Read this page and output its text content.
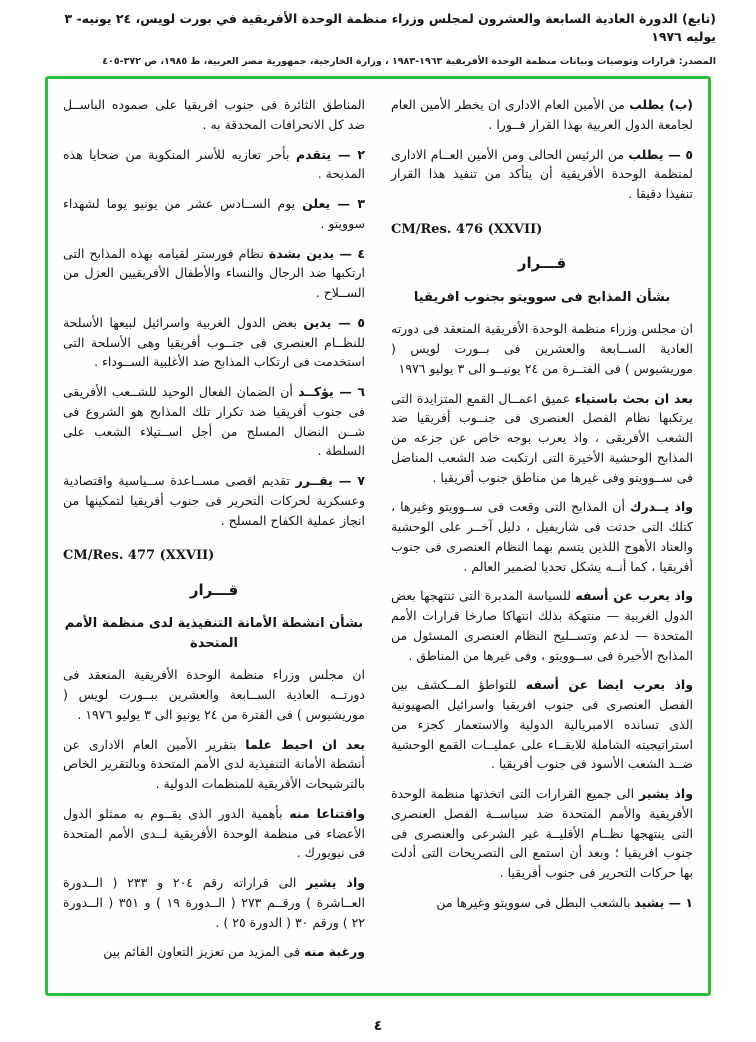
(تابع) الدورة العادية السابعة والعشرون لمجلس وزراء منظمة الوحدة الأفريقية في بورت لويس، ٢٤ يونيه- ٣ يوليه ١٩٧٦
المصدر: قرارات وتوصيات وبيانات منظمة الوحدة الأفريقية ١٩٦٣-١٩٨٣ ، وزارة الخارجية، جمهورية مصر العربية، ط ١٩٨٥، ص ٣٧٢-٤٠٥

(ب) يطلب من الأمين العام الادارى ان يخطر الأمين العام لجامعة الدول العربية بهذا القرار فــورا .

٥ — يطلب من الرئيس الحالى ومن الأمين العــام الادارى لمنظمة الوحدة الأفريقية أن يتأكد من تنفيذ هذا القرار تنفيذا دقيقا .

CM/Res. 476 (XXVII)

قـــرار
بشأن المذابح فى سوويتو بجنوب افريقيا

ان مجلس وزراء منظمة الوحدة الأفريقية المنعقد فى دورته العادية الســابعة والعشرين فى بــورت لويس ( موريشيوس ) فى الفتــرة من ٢٤ يونيــو الى ٣ يوليو ١٩٧٦

بعد ان بحث باستياء عميق اعمــال القمع المتزايدة التى يرتكبها نظام الفصل العنصرى فى جنــوب أفريقيا ضد الشعب الأفريقى ، واذ يعرب بوجه خاص عن جزعه من المذابح الوحشية الأخيرة التى ارتكبت ضد الشعب المناضل فى ســوويتو وفى غيرها من مناطق جنوب أفريقيا .

واذ يــدرك أن المذابح التى وقعت فى ســوويتو وغيرها ، كتلك التى حدثت فى شاريفيل ، دليل آخــر على الوحشية والعناد الأهوج اللذين يتسم بهما النظام العنصرى فى جنوب أفريقيا ، كما أنــه يشكل تحديا لضمير العالم .

واذ يعرب عن أسفه للسياسة المدبرة التى تنتهجها بعض الدول الغربية — منتهكة بذلك انتهاكا صارخا قرارات الأمم المتحدة — لدعم وتســليح النظام العنصرى المسئول من المذابح الأخيرة فى ســوويتو ، وفى غيرها من المناطق .

واذ يعرب ايضا عن أسفه للتواطؤ المــكشف بين الفصل العنصرى فى جنوب افريقيا واسرائيل الصهيونية الذى تسانده الامبريالية الدولية والاستعمار كجزء من استراتيجيته الشاملة للابقــاء على عمليــات القمع الوحشية ضــد الشعب الأسود فى جنوب أفريقيا .

واذ يشير الى جميع القرارات التى اتخذتها منظمة الوحدة الأفريقية والأمم المتحدة ضد سياســة الفصل العنصرى التى ينتهجها نظــام الأقليــة غير الشرعى والعنصرى فى جنوب افريقيا ؛ وبعد أن استمع الى التصريحات التى أدلت بها حركات التحرير فى جنوب أفريقيا .

١ — يشيد بالشعب البطل فى سوويتو وغيرها من

المناطق الثائرة فى جنوب افريقيا على صموده الباســل ضد كل الانحرافات المحدقة به .

٢ — يتقدم بأحر تعازيه للأسر المنكوبة من ضحايا هذه المذبحة .

٣ — يعلن يوم الســادس عشر من يونيو يوما لشهداء سوويتو .

٤ — يدين بشدة نظام فورستر لقيامه بهذه المذابح التى ارتكبها ضد الرجال والنساء والأطفال الأفريقيين العزل من الســلاح .

٥ — يدين بعض الدول الغربية واسرائيل لبيعها الأسلحة للنظــام العنصرى فى جنــوب أفريقيا وهى الأسلحة التى استخدمت فى ارتكاب المذابح ضد الأغلبية الســوداء .

٦ — يؤكــد أن الضمان الفعال الوحيد للشــعب الأفريقى فى جنوب أفريقيا ضد تكرار تلك المذابح هو الشروع فى شــن النضال المسلح من أجل اســتيلاء الشعب على السلطة .

٧ — يقــرر تقديم اقصى مســاعدة ســياسية واقتصادية وعسكرية لحركات التحرير فى جنوب أفريقيا لتمكينها من انجاز عملية الكفاح المسلح .

CM/Res. 477 (XXVII)

قـــرار
بشأن انشطة الأمانة التنفيذية لدى منظمة الأمم المتحدة

ان مجلس وزراء منظمة الوحدة الأفريقية المنعقد فى دورتــه العادية الســابعة والعشرين ببــورت لويس ( موريشيوس ) فى الفترة من ٢٤ يونيو الى ٣ يوليو ١٩٧٦ .

بعد ان احيط علما بتقرير الأمين العام الادارى عن أنشطة الأمانة التنفيذية لدى الأمم المتحدة وبالتقرير الخاص بالترشيحات الأفريقية للمنظمات الدولية .

واقتناعا منه بأهمية الدور الذى يقــوم به ممثلو الدول الأعضاء فى منظمة الوحدة الأفريقية لــدى الأمم المتحدة فى نيويورك .

واذ يشير الى قراراته رقم ٢٠٤ و ٢٣٣ ( الــدورة العــاشرة ) ورقــم ٢٧٣ ( الــدورة ١٩ ) و ٣٥١ ( الــدورة ٢٢ ) ورقم ٣٠ ( الدورة ٢٥ ) .

ورغبة منه فى المزيد من تعزيز التعاون القائم بين

٤
